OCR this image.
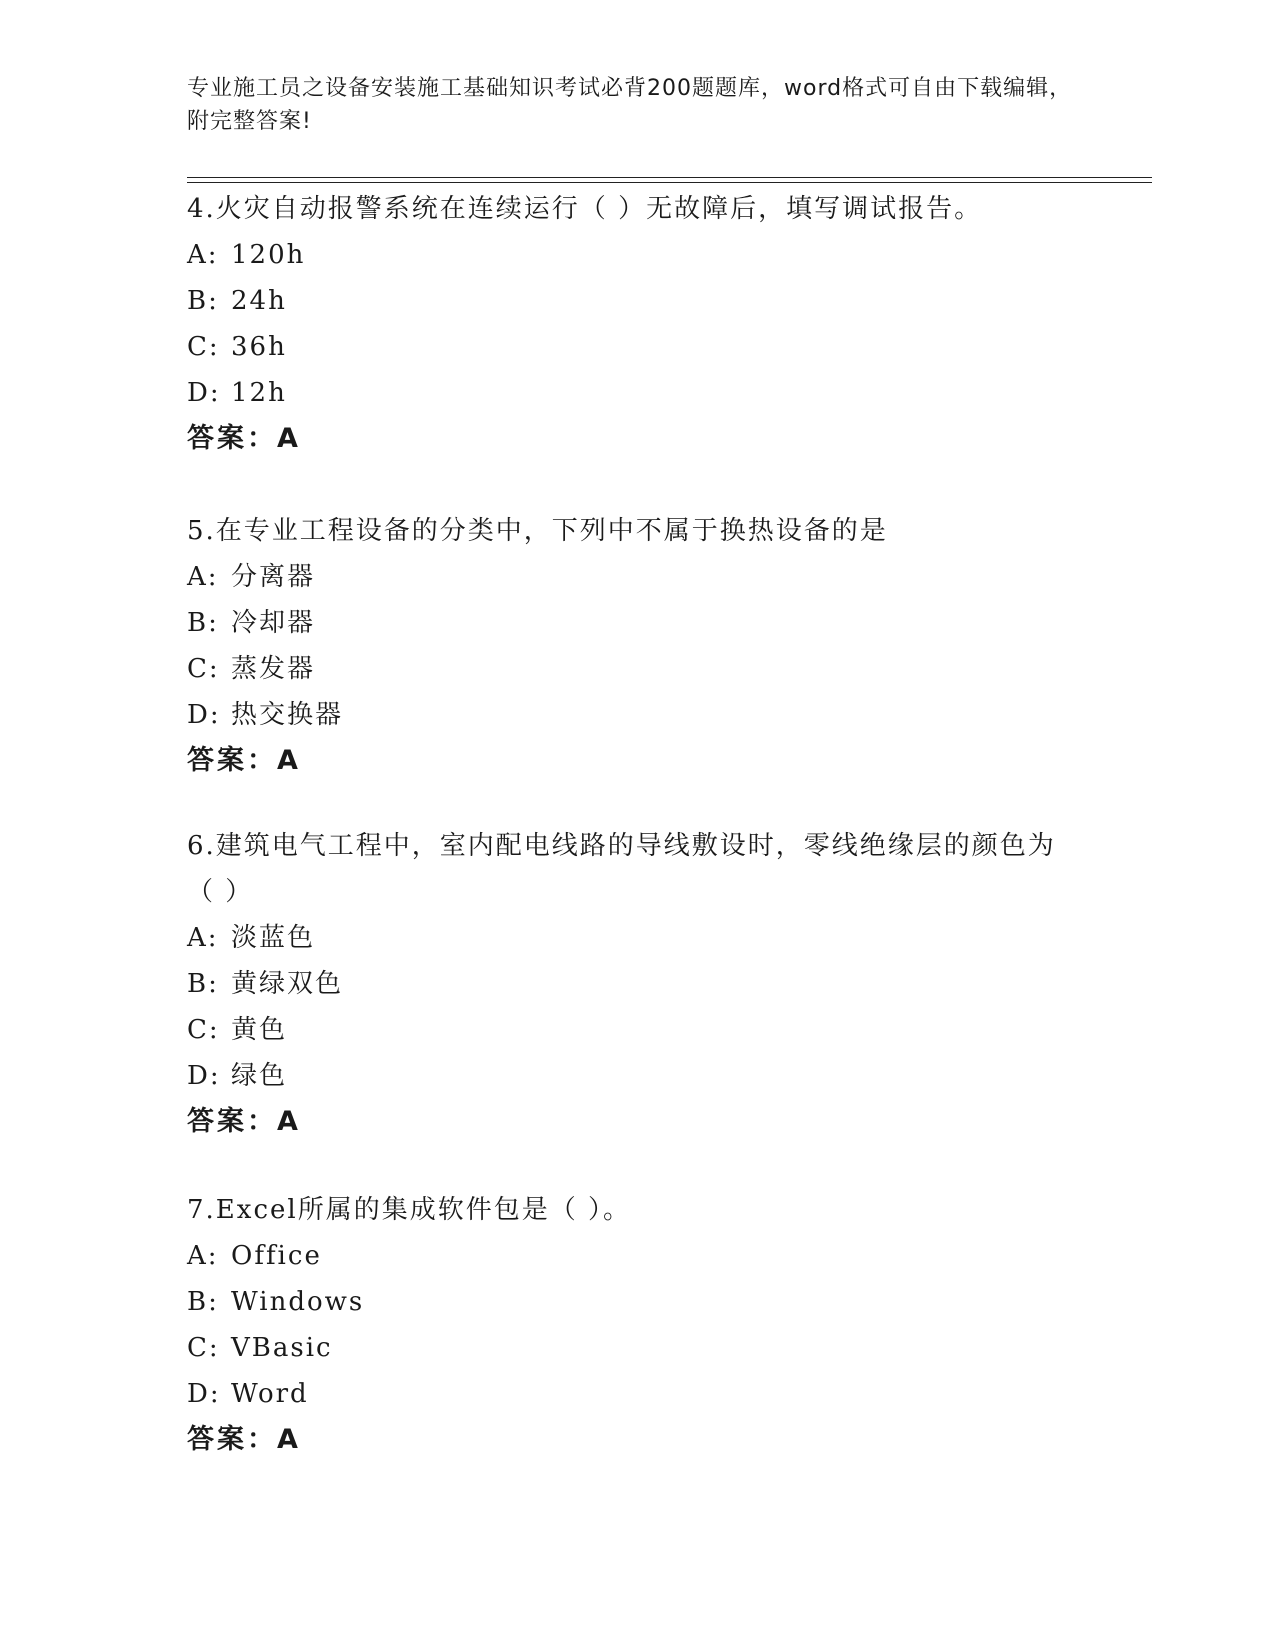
专业施工员之设备安装施工基础知识考试必背200题题库，word格式可自由下载编辑，附完整答案!
4.火灾自动报警系统在连续运行（ ）无故障后，填写调试报告。
A: 120h
B: 24h
C: 36h
D: 12h
答案：A
5.在专业工程设备的分类中，下列中不属于换热设备的是
A: 分离器
B: 冷却器
C: 蒸发器
D: 热交换器
答案：A
6.建筑电气工程中，室内配电线路的导线敷设时，零线绝缘层的颜色为（ ）
A: 淡蓝色
B: 黄绿双色
C: 黄色
D: 绿色
答案：A
7.Excel所属的集成软件包是（ ）。
A: Office
B: Windows
C: VBasic
D: Word
答案：A
